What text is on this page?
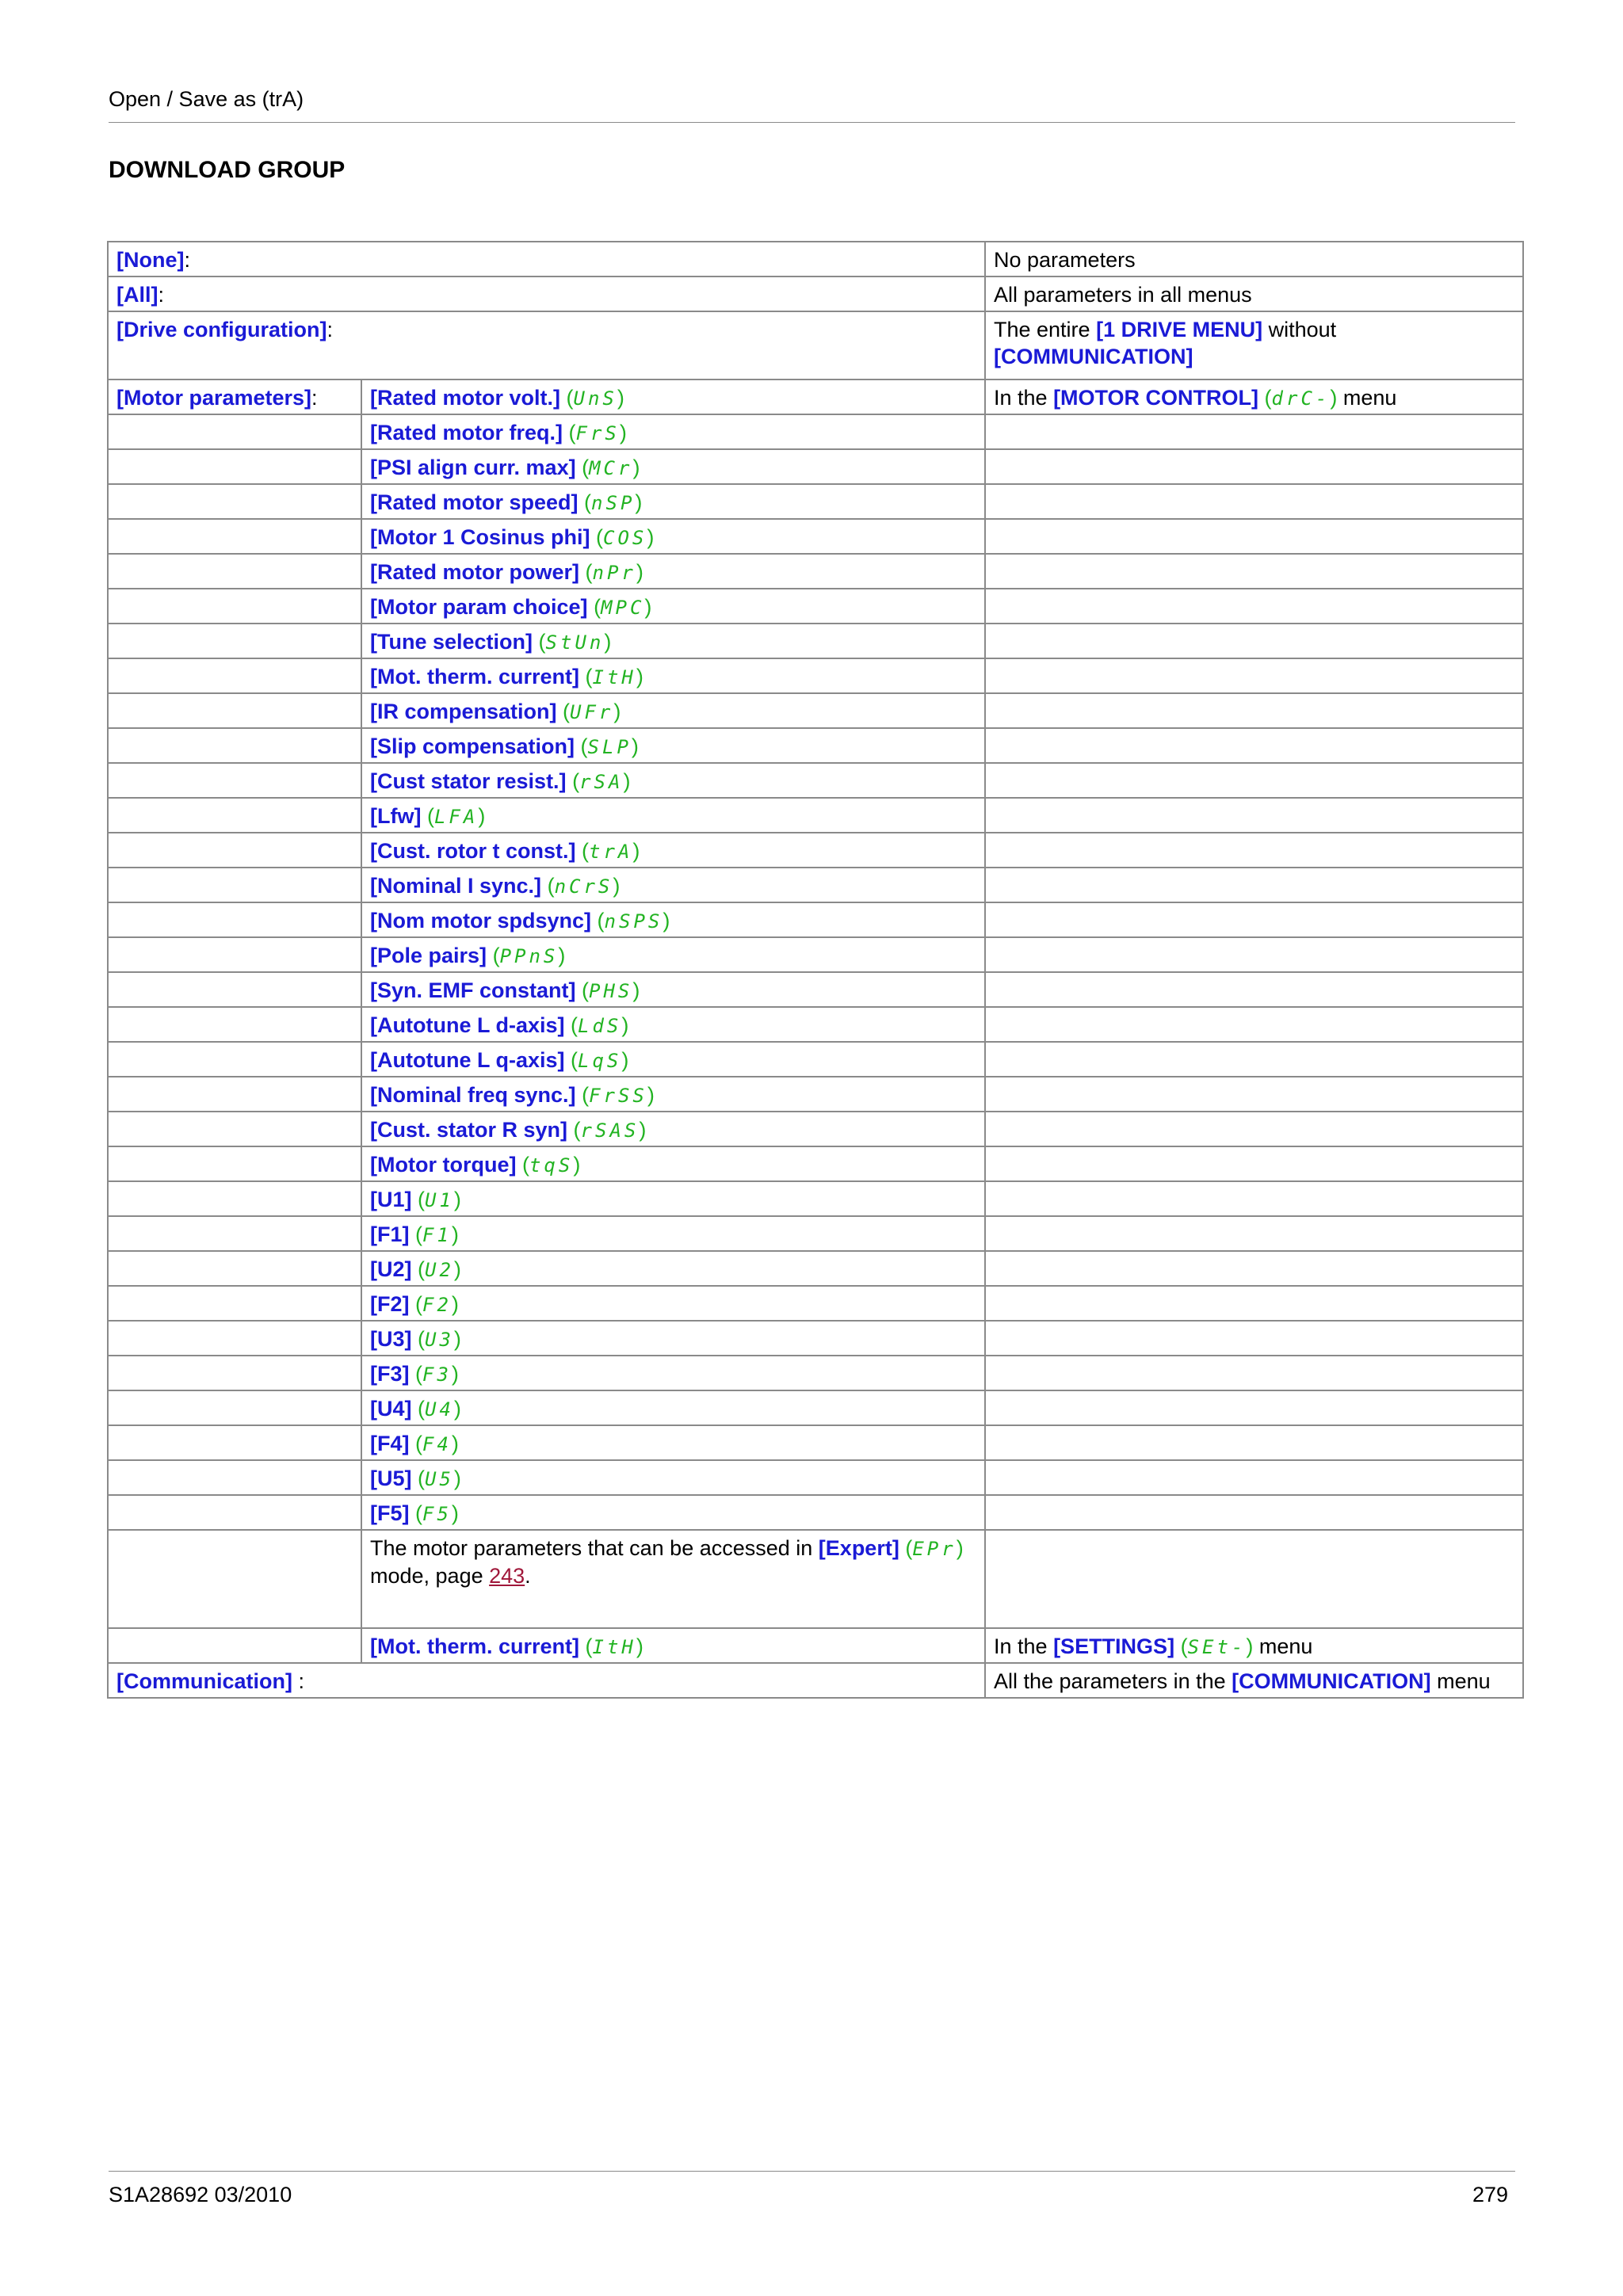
Open / Save as (trA)
DOWNLOAD GROUP
[None]:		No parameters
[All]:		All parameters in all menus
[Drive configuration]:		The entire [1 DRIVE MENU] without
[COMMUNICATION]
[Motor parameters]:	[Rated motor volt.] (UnS)	In the [MOTOR CONTROL] (drC-) menu
	[Rated motor freq.] (FrS)	
	[PSI align curr. max] (MCr)	
	[Rated motor speed] (nSP)	
	[Motor 1 Cosinus phi] (COS)	
	[Rated motor power] (nPr)	
	[Motor param choice] (MPC)	
	[Tune selection] (StUn)	
	[Mot. therm. current] (ItH)	
	[IR compensation] (UFr)	
	[Slip compensation] (SLP)	
	[Cust stator resist.] (rSA)	
	[Lfw] (LFA)	
	[Cust. rotor t const.] (trA)	
	[Nominal I sync.] (nCrS)	
	[Nom motor spdsync] (nSPS)	
	[Pole pairs] (PPnS)	
	[Syn. EMF constant] (PHS)	
	[Autotune L d-axis] (LdS)	
	[Autotune L q-axis] (LqS)	
	[Nominal freq sync.] (FrSS)	
	[Cust. stator R syn] (rSAS)	
	[Motor torque] (tqS)	
	[U1] (U1)	
	[F1] (F1)	
	[U2] (U2)	
	[F2] (F2)	
	[U3] (U3)	
	[F3] (F3)	
	[U4] (U4)	
	[F4] (F4)	
	[U5] (U5)	
	[F5] (F5)	
	The motor parameters that can be accessed in [Expert] (EPr)
mode, page 243.	
	[Mot. therm. current] (ItH)	In the [SETTINGS] (SEt-) menu
[Communication] :		All the parameters in the [COMMUNICATION] menu
S1A28692 03/2010	279
